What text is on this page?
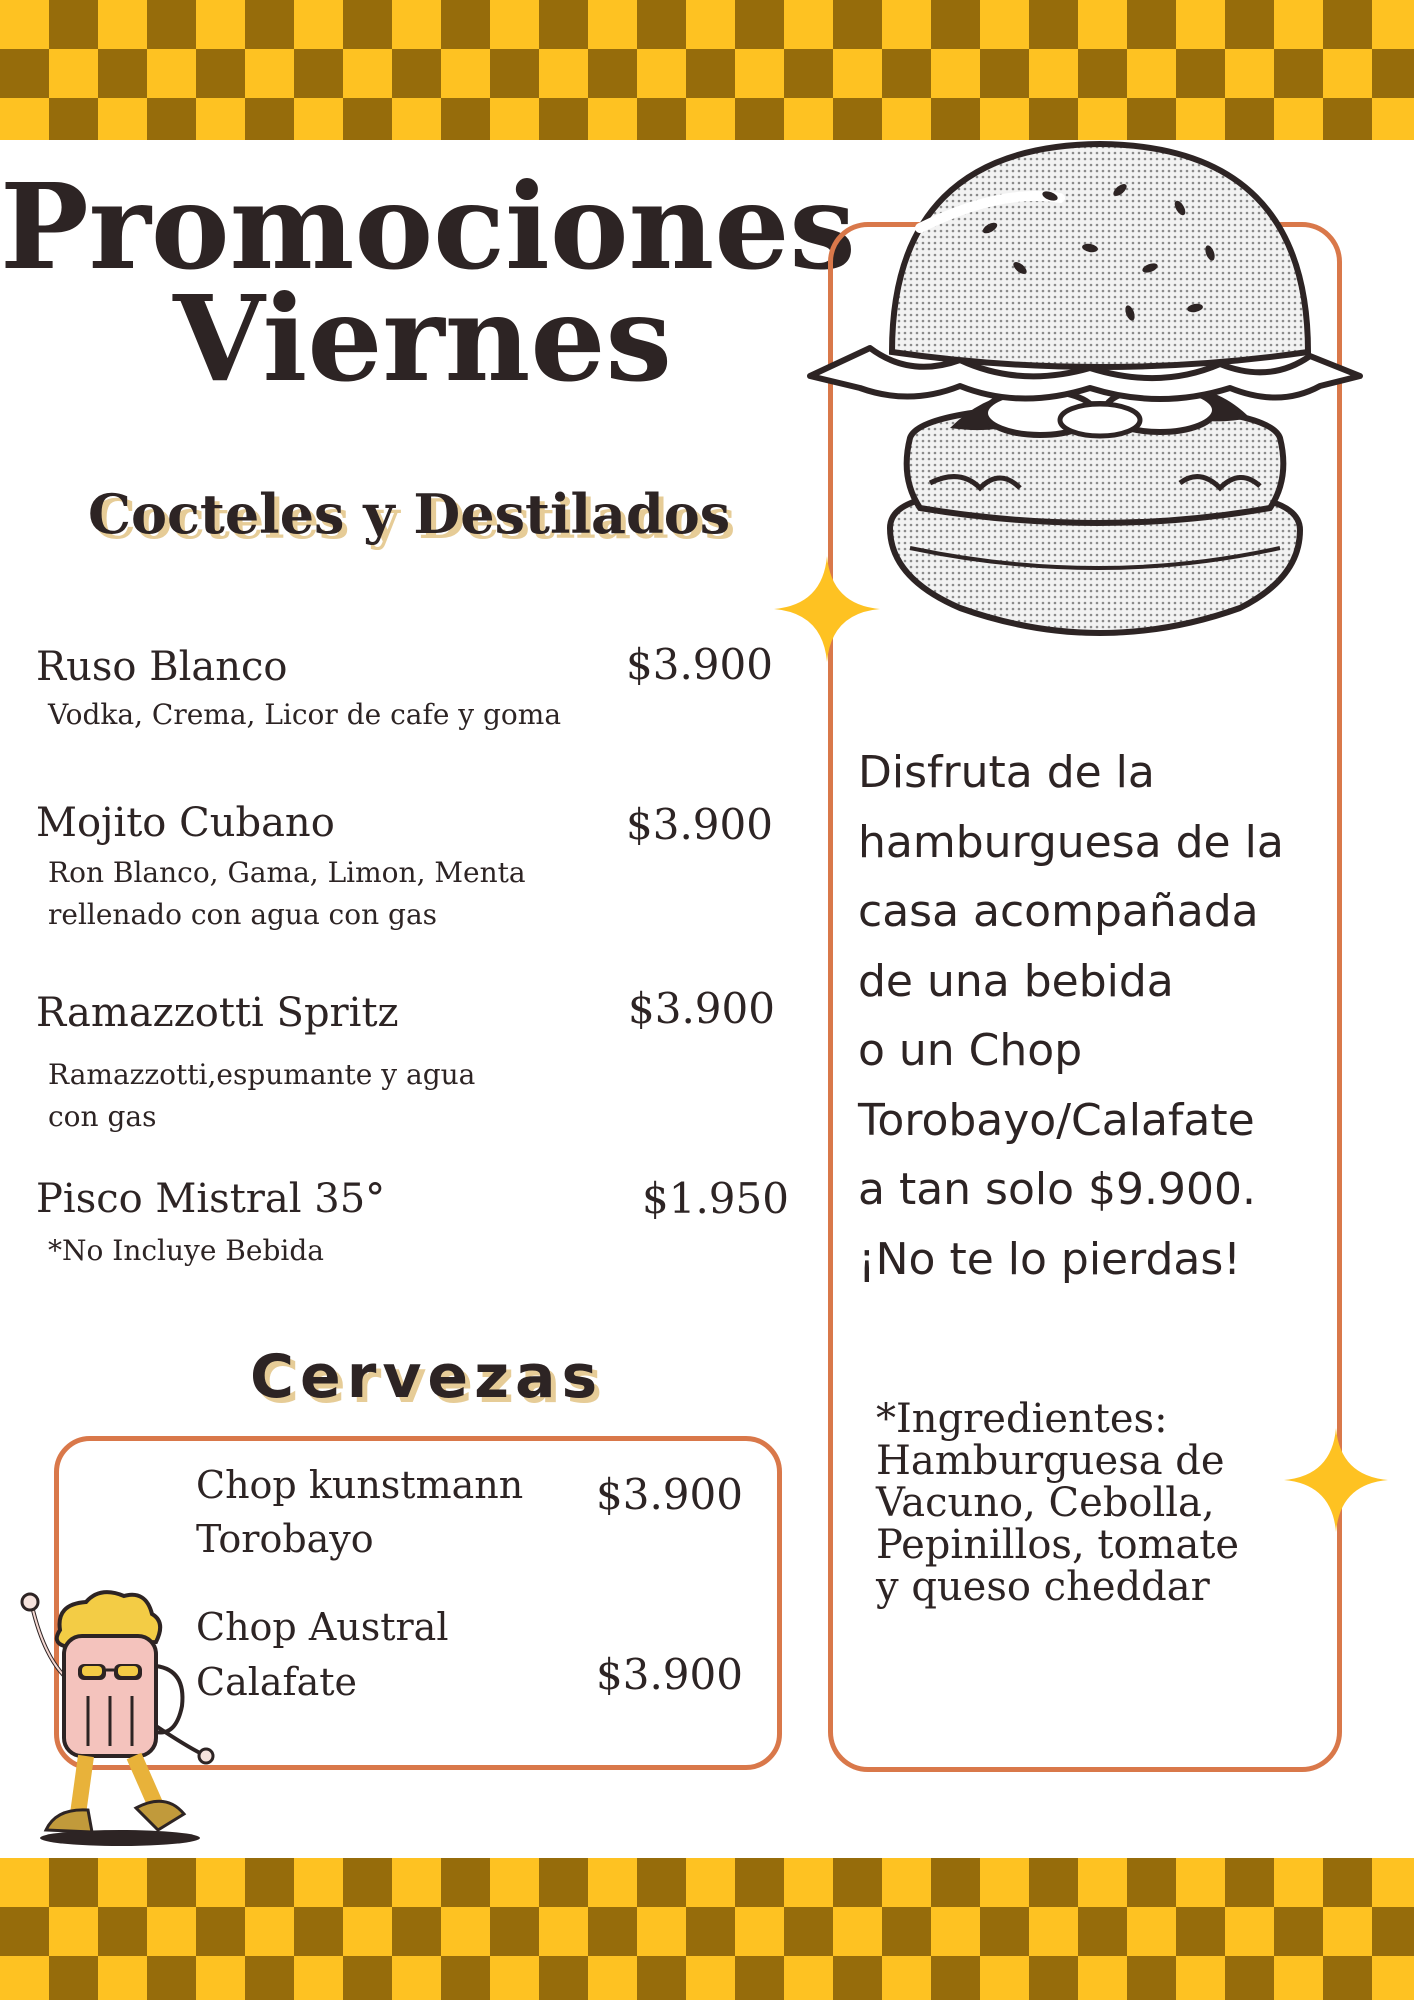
Promociones
Viernes
Cocteles y Destilados
Ruso Blanco	$3.900
Vodka, Crema, Licor de cafe y goma
Mojito Cubano	$3.900
Ron Blanco, Gama, Limon, Menta
rellenado con agua con gas
Ramazzotti Spritz	$3.900
Ramazzotti,espumante y agua
con gas
Pisco Mistral 35°	$1.950
*No Incluye Bebida
Cervezas
Chop kunstmann
Torobayo
$3.900
Chop Austral
Calafate	$3.900
Disfruta de la
hamburguesa de la
casa acompañada
de una bebida
o un Chop
Torobayo/Calafate
a tan solo $9.900.
¡No te lo pierdas!
*Ingredientes:
Hamburguesa de
Vacuno, Cebolla,
Pepinillos, tomate
y queso cheddar
